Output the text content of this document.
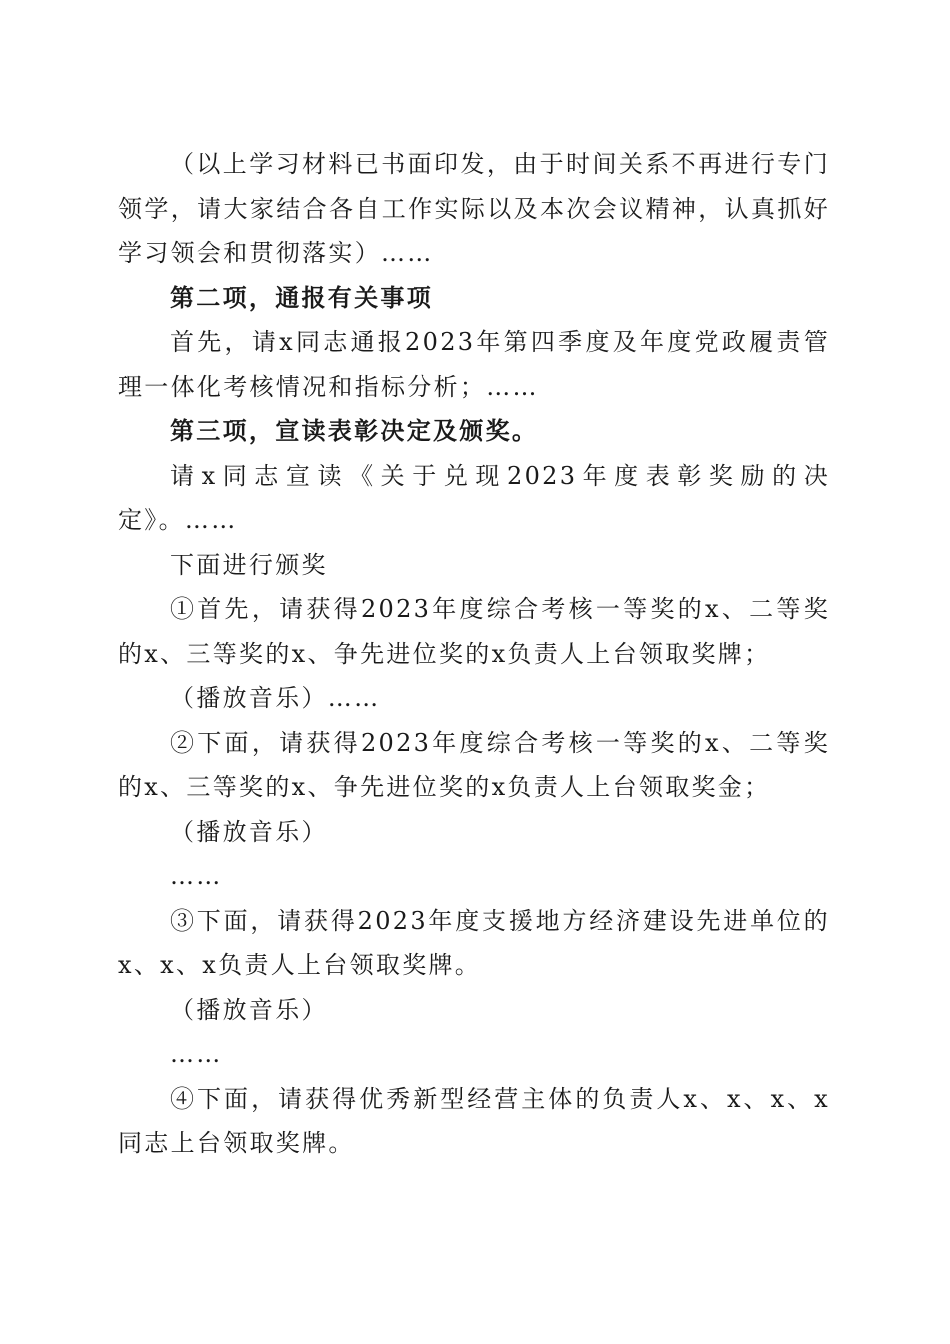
（以上学习材料已书面印发，由于时间关系不再进行专门领学，请大家结合各自工作实际以及本次会议精神，认真抓好学习领会和贯彻落实）……

第二项，通报有关事项

首先，请x同志通报2023年第四季度及年度党政履责管理一体化考核情况和指标分析；……

第三项，宣读表彰决定及颁奖。

请x同志宣读《关于兑现2023年度表彰奖励的决定》。……

下面进行颁奖

①首先，请获得2023年度综合考核一等奖的x、二等奖的x、三等奖的x、争先进位奖的x负责人上台领取奖牌；

（播放音乐）……

②下面，请获得2023年度综合考核一等奖的x、二等奖的x、三等奖的x、争先进位奖的x负责人上台领取奖金；

（播放音乐）

……

③下面，请获得2023年度支援地方经济建设先进单位的x、x、x负责人上台领取奖牌。

（播放音乐）

……

④下面，请获得优秀新型经营主体的负责人x、x、x、x同志上台领取奖牌。
